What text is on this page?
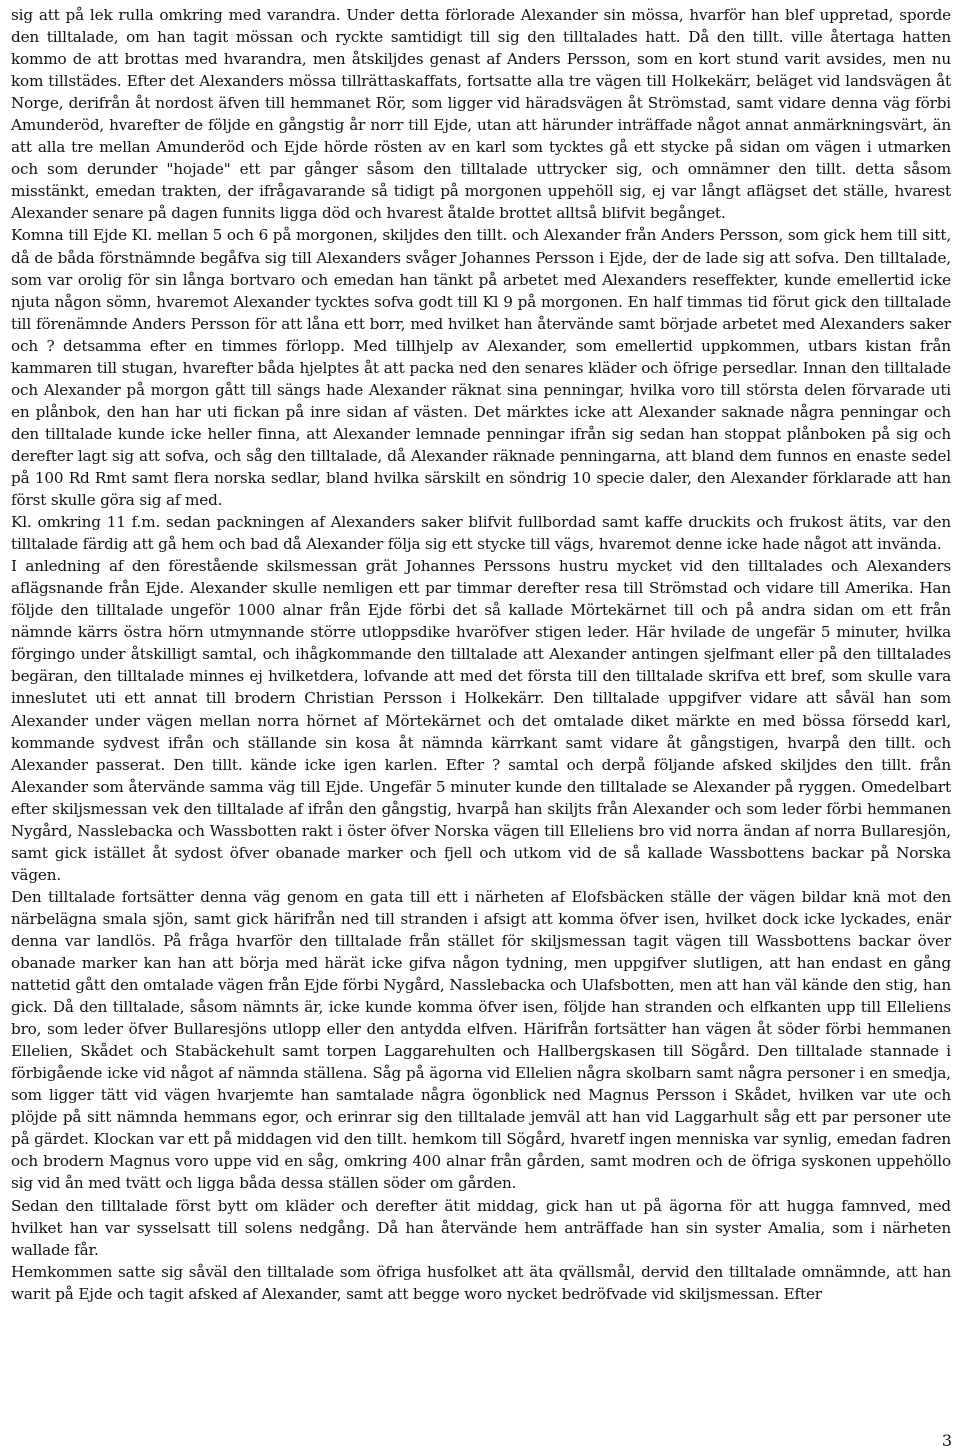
sig att på lek rulla omkring med varandra. Under detta förlorade Alexander sin mössa, hvarför han blef uppretad, sporde den tilltalade, om han tagit mössan och ryckte samtidigt till sig den tilltalades hatt. Då den tillt. ville återtaga hatten kommo de att brottas med hvarandra, men åtskiljdes genast af Anders Persson, som en kort stund varit avsides, men nu kom tillstädes. Efter det Alexanders mössa tillrättaskaffats, fortsatte alla tre vägen till Holkekärr, beläget vid landsvägen åt Norge, derifrån åt nordost äfven till hemmanet Rör, som ligger vid häradsvägen åt Strömstad, samt vidare denna väg förbi Amunderöd, hvarefter de följde en gångstig år norr till Ejde, utan att härunder inträffade något annat anmärkningsvärt, än att alla tre mellan Amunderöd och Ejde hörde rösten av en karl som tycktes gå ett stycke på sidan om vägen i utmarken och som derunder "hojade" ett par gånger såsom den tilltalade uttrycker sig, och omnämner den tillt. detta såsom misstänkt, emedan trakten, der ifrågavarande så tidigt på morgonen uppehöll sig, ej var långt aflägset det ställe, hvarest Alexander senare på dagen funnits ligga död och hvarest åtalde brottet alltså blifvit begånget.

Komna till Ejde Kl. mellan 5 och 6 på morgonen, skiljdes den tillt. och Alexander från Anders Persson, som gick hem till sitt, då de båda förstnämnde begåfva sig till Alexanders svåger Johannes Persson i Ejde, der de lade sig att sofva. Den tilltalade, som var orolig för sin långa bortvaro och emedan han tänkt på arbetet med Alexanders reseffekter, kunde emellertid icke njuta någon sömn, hvaremot Alexander tycktes sofva godt till Kl 9 på morgonen. En half timmas tid förut gick den tilltalade till förenämnde Anders Persson för att låna ett borr, med hvilket han återvände samt började arbetet med Alexanders saker och ? detsamma efter en timmes förlopp. Med tillhjelp av Alexander, som emellertid uppkommen, utbars kistan från kammaren till stugan, hvarefter båda hjelptes åt att packa ned den senares kläder och öfrige persedlar. Innan den tilltalade och Alexander på morgon gått till sängs hade Alexander räknat sina penningar, hvilka voro till största delen förvarade uti en plånbok, den han har uti fickan på inre sidan af västen. Det märktes icke att Alexander saknade några penningar och den tilltalade kunde icke heller finna, att Alexander lemnade penningar ifrån sig sedan han stoppat plånboken på sig och derefter lagt sig att sofva, och såg den tilltalade, då Alexander räknade penningarna, att bland dem funnos en enaste sedel på 100 Rd Rmt samt flera norska sedlar, bland hvilka särskilt en söndrig 10 specie daler, den Alexander förklarade att han först skulle göra sig af med.

Kl. omkring 11 f.m. sedan packningen af Alexanders saker blifvit fullbordad samt kaffe druckits och frukost ätits, var den tilltalade färdig att gå hem och bad då Alexander följa sig ett stycke till vägs, hvaremot denne icke hade något att invända.

I anledning af den förestående skilsmessan grät Johannes Perssons hustru mycket vid den tilltalades och Alexanders aflägsnande från Ejde. Alexander skulle nemligen ett par timmar derefter resa till Strömstad och vidare till Amerika. Han följde den tilltalade ungeför 1000 alnar från Ejde förbi det så kallade Mörtekärnet till och på andra sidan om ett från nämnde kärrs östra hörn utmynnande större utloppsdike hvaröfver stigen leder. Här hvilade de ungefär 5 minuter, hvilka förgingo under åtskilligt samtal, och ihågkommande den tilltalade att Alexander antingen sjelfmant eller på den tilltalades begäran, den tilltalade minnes ej hvilketdera, lofvande att med det första till den tilltalade skrifva ett bref, som skulle vara inneslutet uti ett annat till brodern Christian Persson i Holkekärr. Den tilltalade uppgifver vidare att såväl han som Alexander under vägen mellan norra hörnet af Mörtekärnet och det omtalade diket märkte en med bössa försedd karl, kommande sydvest ifrån och ställande sin kosa åt nämnda kärrkant samt vidare åt gångstigen, hvarpå den tillt. och Alexander passerat. Den tillt. kände icke igen karlen. Efter ? samtal och derpå följande afsked skiljdes den tillt. från Alexander som återvände samma väg till Ejde. Ungefär 5 minuter kunde den tilltalade se Alexander på ryggen. Omedelbart efter skiljsmessan vek den tilltalade af ifrån den gångstig, hvarpå han skiljts från Alexander och som leder förbi hemmanen Nygård, Nasslebacka och Wassbotten rakt i öster öfver Norska vägen till Elleliens bro vid norra ändan af norra Bullaresjön, samt gick istället åt sydost öfver obanade marker och fjell och utkom vid de så kallade Wassbottens backar på Norska vägen.

Den tilltalade fortsätter denna väg genom en gata till ett i närheten af Elofsbäcken ställe der vägen bildar knä mot den närbelägna smala sjön, samt gick härifrån ned till stranden i afsigt att komma öfver isen, hvilket dock icke lyckades, enär denna var landlös. På fråga hvarför den tilltalade från stället för skiljsmessan tagit vägen till Wassbottens backar över obanade marker kan han att börja med härät icke gifva någon tydning, men uppgifver slutligen, att han endast en gång nattetid gått den omtalade vägen från Ejde förbi Nygård, Nasslebacka och Ulafsbotten, men att han väl kände den stig, han gick. Då den tilltalade, såsom nämnts är, icke kunde komma öfver isen, följde han stranden och elfkanten upp till Elleliens bro, som leder öfver Bullaresjöns utlopp eller den antydda elfven. Härifrån fortsätter han vägen åt söder förbi hemmanen Ellelien, Skådet och Stabäckehult samt torpen Laggarehulten och Hallbergskasen till Sögård. Den tilltalade stannade i förbigående icke vid något af nämnda ställena. Såg på ägorna vid Ellelien några skolbarn samt några personer i en smedja, som ligger tätt vid vägen hvarjemte han samtalade några ögonblick ned Magnus Persson i Skådet, hvilken var ute och plöjde på sitt nämnda hemmans egor, och erinrar sig den tilltalade jemväl att han vid Laggarhult såg ett par personer ute på gärdet. Klockan var ett på middagen vid den tillt. hemkom till Sögård, hvaretf ingen menniska var synlig, emedan fadren och brodern Magnus voro uppe vid en såg, omkring 400 alnar från gården, samt modren och de öfriga syskonen uppehöllo sig vid ån med tvätt och ligga båda dessa ställen söder om gården.

Sedan den tilltalade först bytt om kläder och derefter ätit middag, gick han ut på ägorna för att hugga famnved, med hvilket han var sysselsatt till solens nedgång. Då han återvände hem anträffade han sin syster Amalia, som i närheten wallade får.

Hemkommen satte sig såväl den tilltalade som öfriga husfolket att äta qvällsmål, dervid den tilltalade omnämnde, att han warit på Ejde och tagit afsked af Alexander, samt att begge woro nycket bedröfvade vid skiljsmessan. Efter

3
